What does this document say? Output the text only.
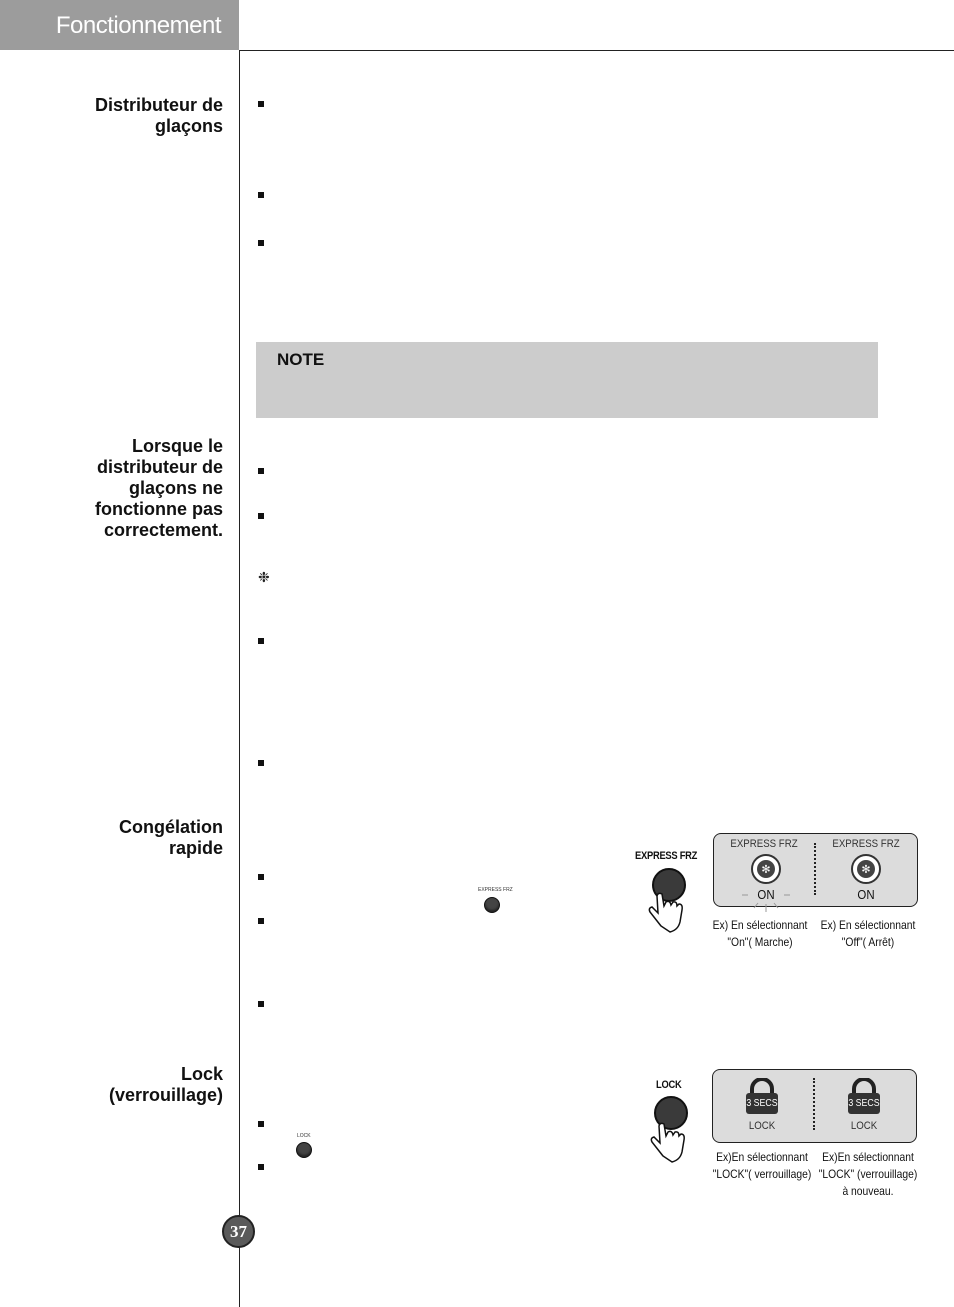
Fonctionnement
Distributeur de
glaçons
NOTE
Lorsque le
distributeur de
glaçons ne
fonctionne pas
correctement.
❉
Congélation
rapide
EXPRESS FRZ
EXPRESS FRZ
EXPRESS FRZ
✻
ON
EXPRESS FRZ
✻
ON
Ex) En sélectionnant
"On"( Marche)
Ex) En sélectionnant
"Off"( Arrêt)
Lock
(verrouillage)
LOCK
LOCK
3 SECS
LOCK
3 SECS
LOCK
Ex)En sélectionnant
"LOCK"( verrouillage)
Ex)En sélectionnant
"LOCK" (verrouillage)
à nouveau.
37
